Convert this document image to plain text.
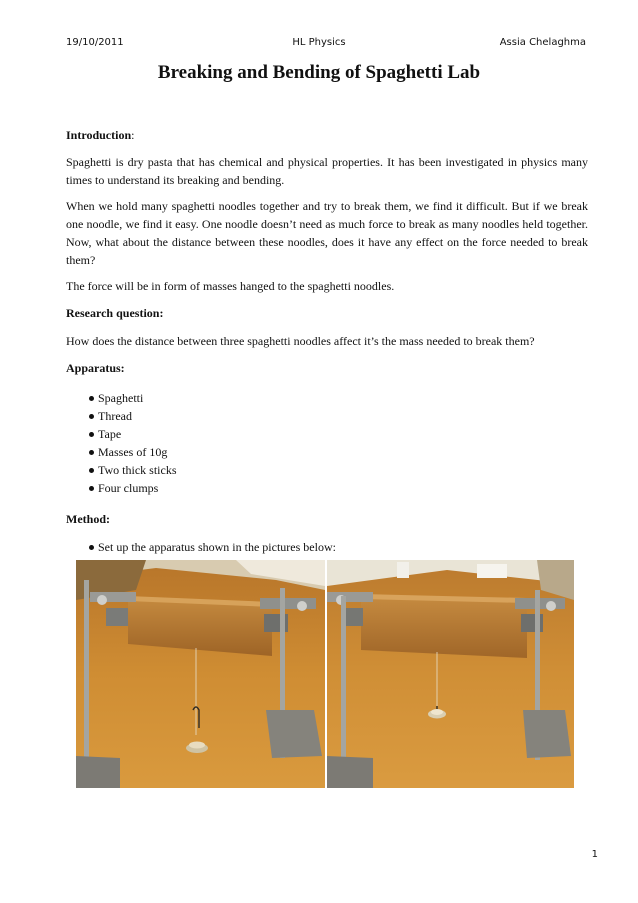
19/10/2011	HL Physics	Assia Chelaghma
Breaking and Bending of Spaghetti Lab

Introduction:

Spaghetti is dry pasta that has chemical and physical properties. It has been investigated in physics many times to understand its breaking and bending.

When we hold many spaghetti noodles together and try to break them, we find it difficult. But if we break one noodle, we find it easy. One noodle doesn’t need as much force to break as many noodles held together. Now, what about the distance between these noodles, does it have any effect on the force needed to break them?

The force will be in form of masses hanged to the spaghetti noodles.

Research question:

How does the distance between three spaghetti noodles affect it’s the mass needed to break them?

Apparatus:

Spaghetti
Thread
Tape
Masses of 10g
Two thick sticks
Four clumps

Method:

Set up the apparatus shown in the pictures below:
1
